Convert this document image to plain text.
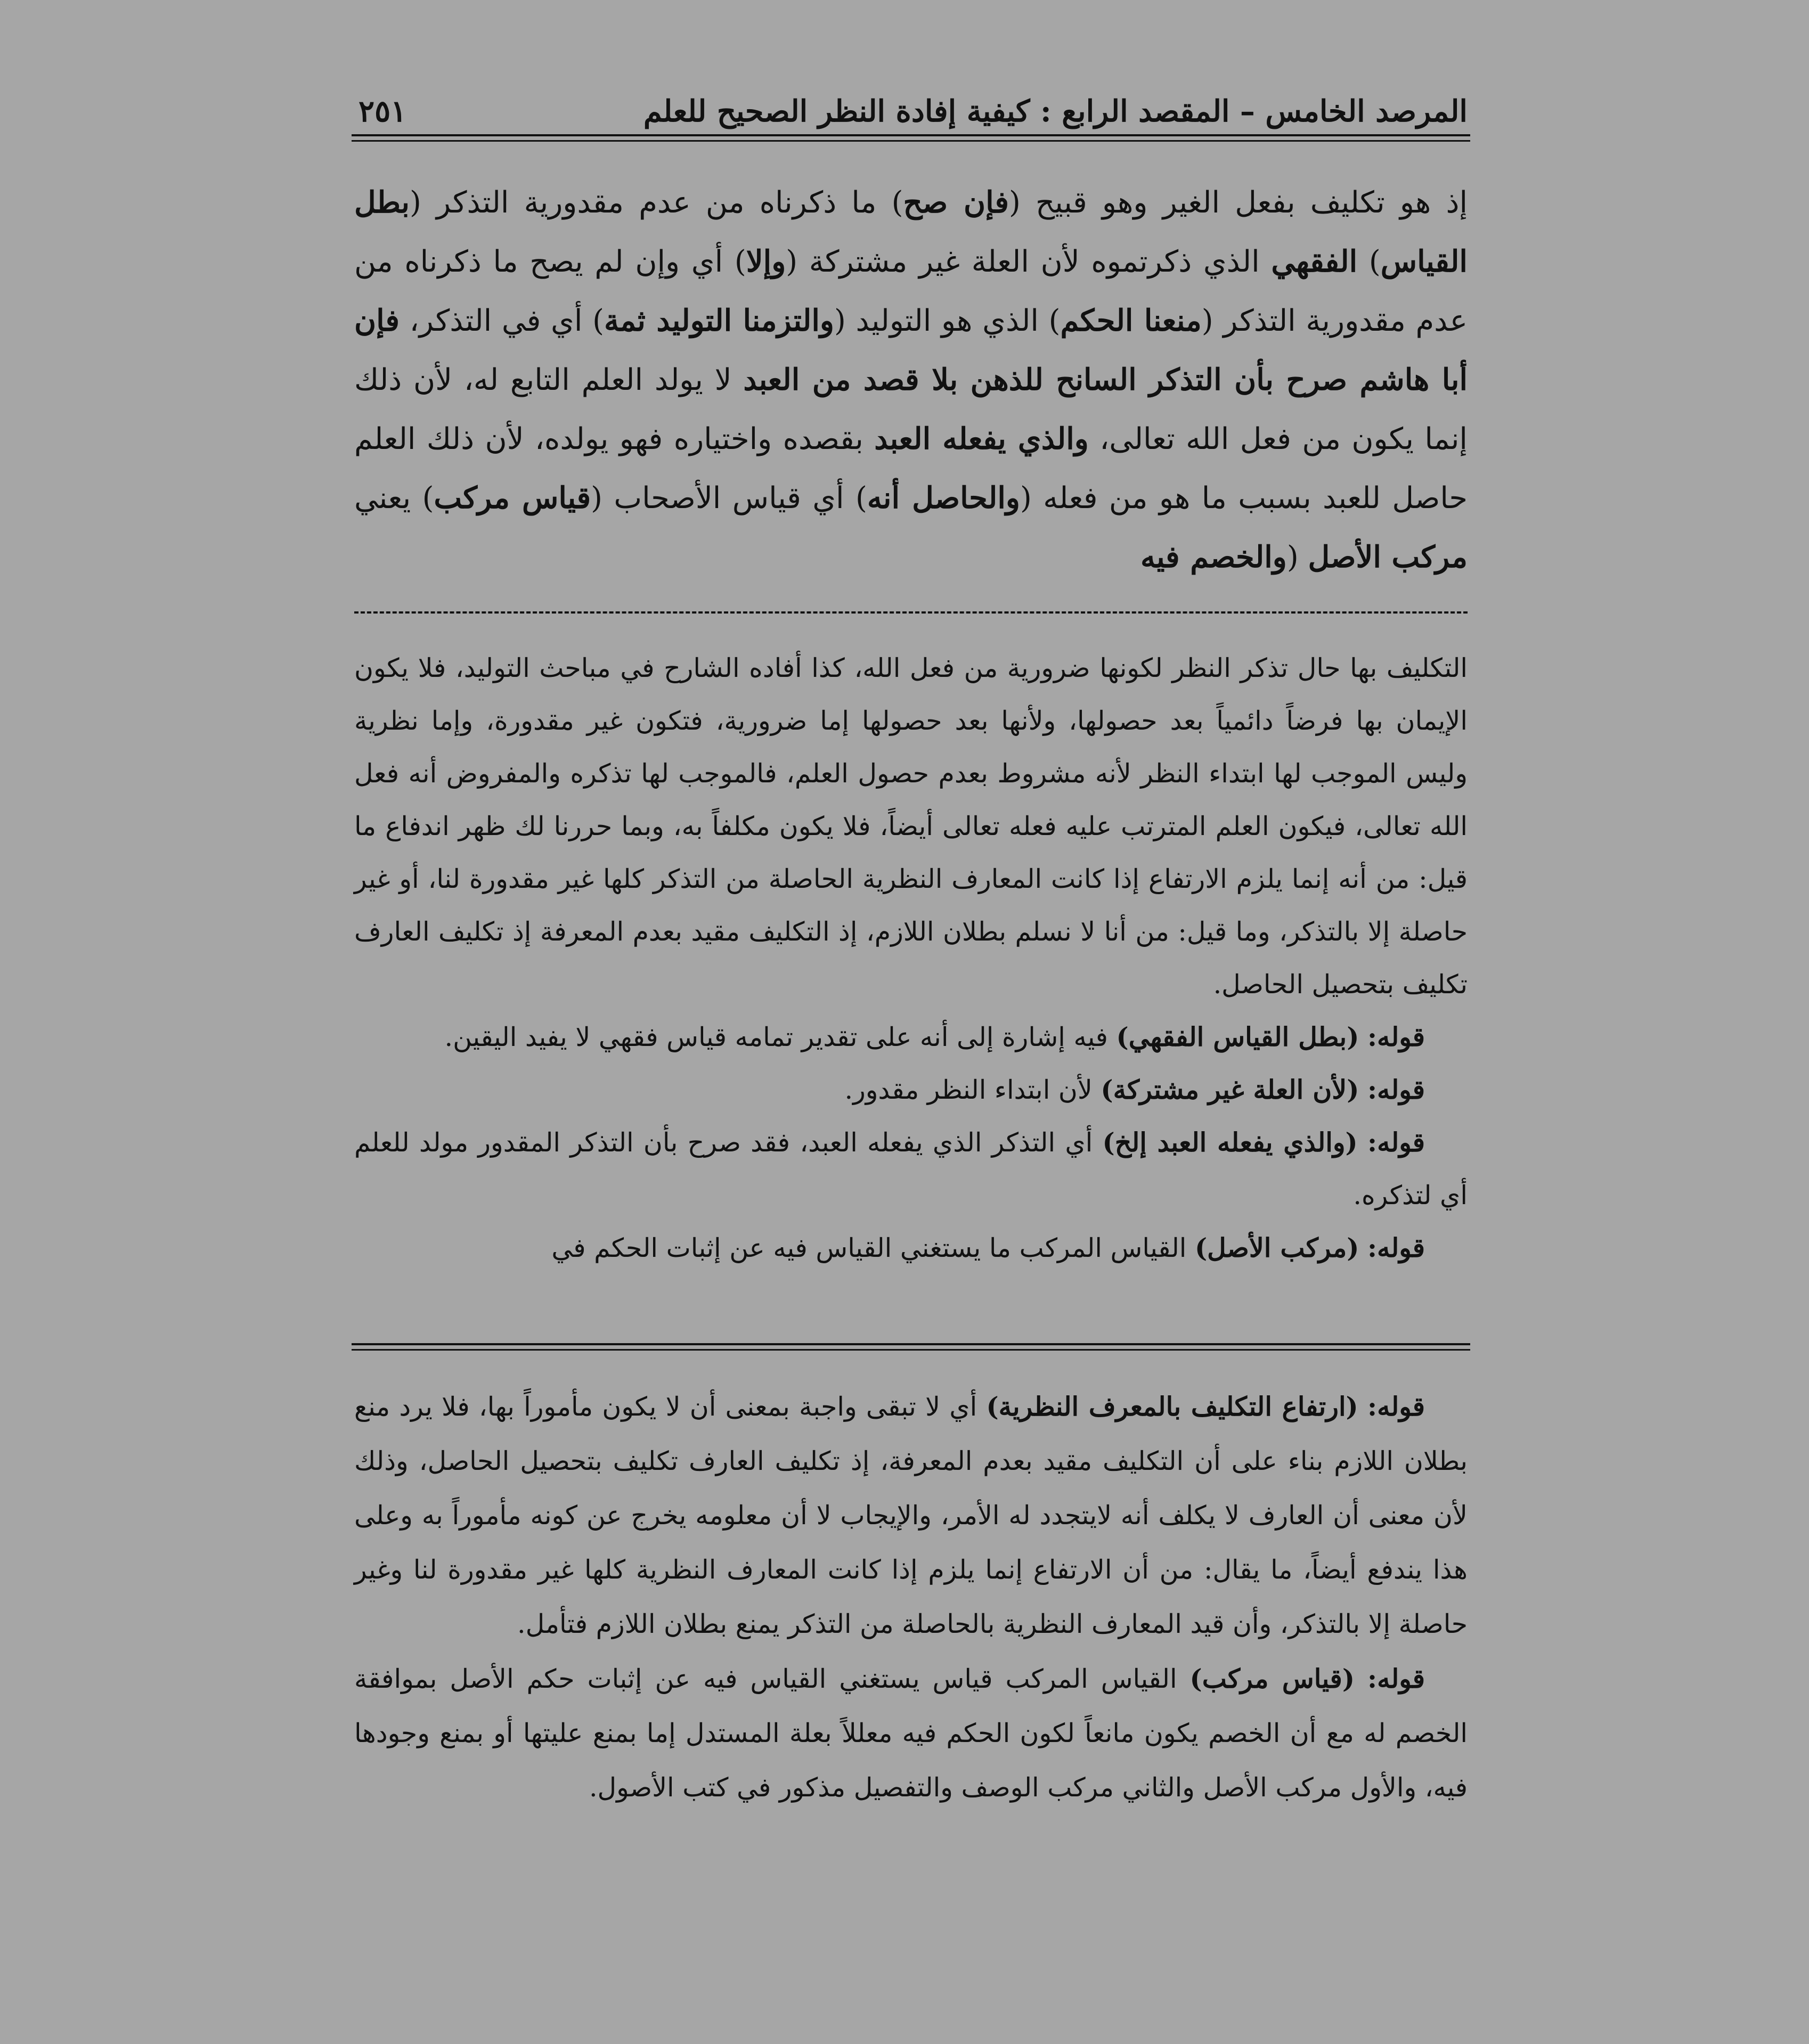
المرصد الخامس – المقصد الرابع : كيفية إفادة النظر الصحيح للعلم
٢٥١

إذ هو تكليف بفعل الغير وهو قبيح (فإن صح) ما ذكرناه من عدم مقدورية التذكر (بطل القياس) الفقهي الذي ذكرتموه لأن العلة غير مشتركة (وإلا) أي وإن لم يصح ما ذكرناه من عدم مقدورية التذكر (منعنا الحكم) الذي هو التوليد (والتزمنا التوليد ثمة) أي في التذكر، فإن أبا هاشم صرح بأن التذكر السانح للذهن بلا قصد من العبد لا يولد العلم التابع له، لأن ذلك إنما يكون من فعل الله تعالى، والذي يفعله العبد بقصده واختياره فهو يولده، لأن ذلك العلم حاصل للعبد بسبب ما هو من فعله (والحاصل أنه) أي قياس الأصحاب (قياس مركب) يعني مركب الأصل (والخصم فيه

التكليف بها حال تذكر النظر لكونها ضرورية من فعل الله، كذا أفاده الشارح في مباحث التوليد، فلا يكون الإيمان بها فرضاً دائمياً بعد حصولها، ولأنها بعد حصولها إما ضرورية، فتكون غير مقدورة، وإما نظرية وليس الموجب لها ابتداء النظر لأنه مشروط بعدم حصول العلم، فالموجب لها تذكره والمفروض أنه فعل الله تعالى، فيكون العلم المترتب عليه فعله تعالى أيضاً، فلا يكون مكلفاً به، وبما حررنا لك ظهر اندفاع ما قيل: من أنه إنما يلزم الارتفاع إذا كانت المعارف النظرية الحاصلة من التذكر كلها غير مقدورة لنا، أو غير حاصلة إلا بالتذكر، وما قيل: من أنا لا نسلم بطلان اللازم، إذ التكليف مقيد بعدم المعرفة إذ تكليف العارف تكليف بتحصيل الحاصل.

قوله: (بطل القياس الفقهي) فيه إشارة إلى أنه على تقدير تمامه قياس فقهي لا يفيد اليقين.

قوله: (لأن العلة غير مشتركة) لأن ابتداء النظر مقدور.

قوله: (والذي يفعله العبد إلخ) أي التذكر الذي يفعله العبد، فقد صرح بأن التذكر المقدور مولد للعلم أي لتذكره.

قوله: (مركب الأصل) القياس المركب ما يستغني القياس فيه عن إثبات الحكم في

قوله: (ارتفاع التكليف بالمعرف النظرية) أي لا تبقى واجبة بمعنى أن لا يكون مأموراً بها، فلا يرد منع بطلان اللازم بناء على أن التكليف مقيد بعدم المعرفة، إذ تكليف العارف تكليف بتحصيل الحاصل، وذلك لأن معنى أن العارف لا يكلف أنه لايتجدد له الأمر، والإيجاب لا أن معلومه يخرج عن كونه مأموراً به وعلى هذا يندفع أيضاً، ما يقال: من أن الارتفاع إنما يلزم إذا كانت المعارف النظرية كلها غير مقدورة لنا وغير حاصلة إلا بالتذكر، وأن قيد المعارف النظرية بالحاصلة من التذكر يمنع بطلان اللازم فتأمل.

قوله: (قياس مركب) القياس المركب قياس يستغني القياس فيه عن إثبات حكم الأصل بموافقة الخصم له مع أن الخصم يكون مانعاً لكون الحكم فيه معللاً بعلة المستدل إما بمنع عليتها أو بمنع وجودها فيه، والأول مركب الأصل والثاني مركب الوصف والتفصيل مذكور في كتب الأصول.
